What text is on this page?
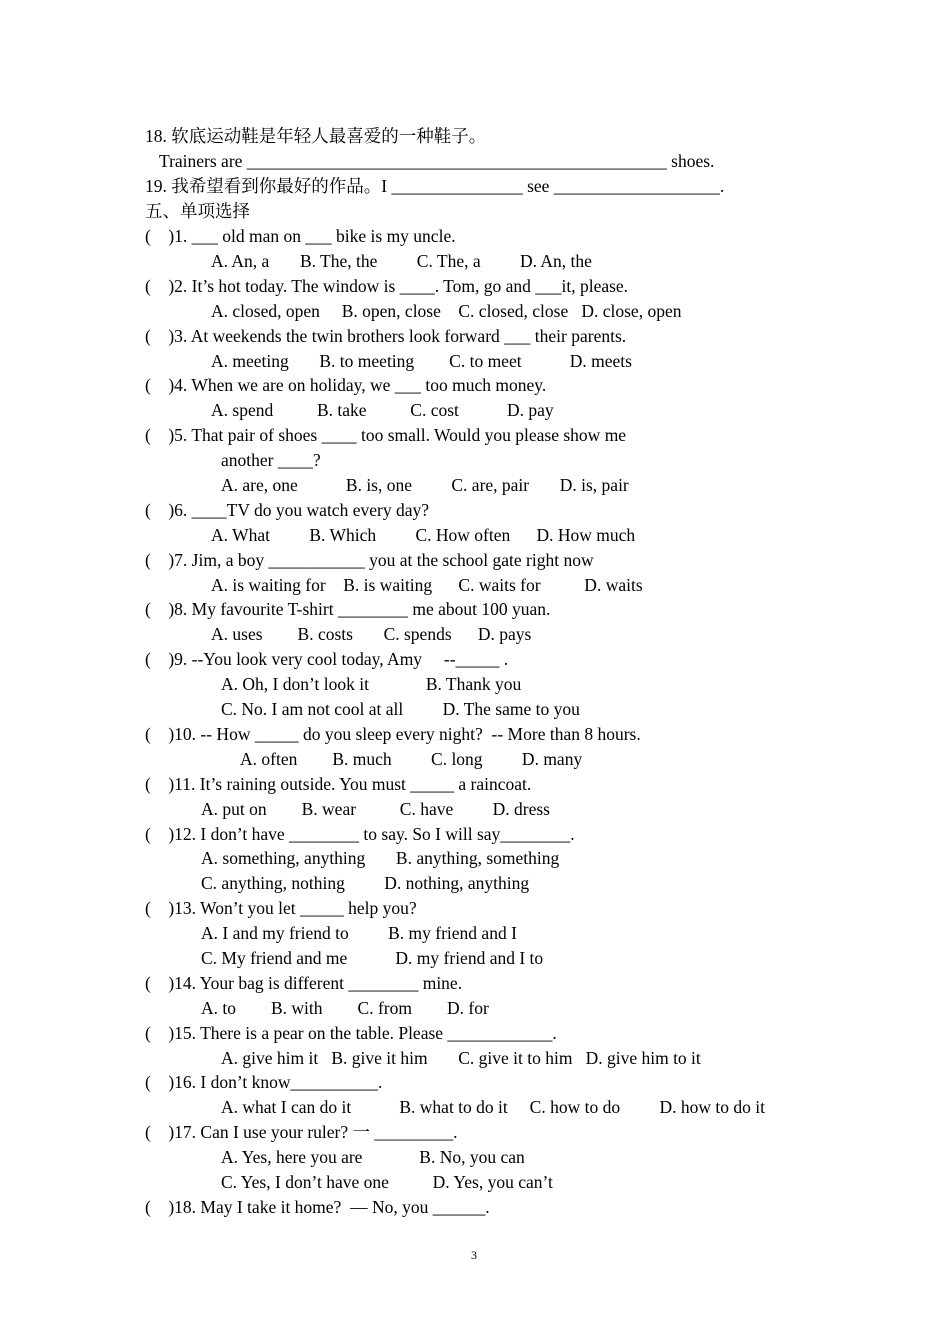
18. 软底运动鞋是年轻人最喜爱的一种鞋子。
Trainers are ________________________________________________ shoes.
19. 我希望看到你最好的作品。I _______________ see ___________________.
五、单项选择
(    )1. ___ old man on ___ bike is my uncle.
A. An, a       B. The, the         C. The, a         D. An, the
(    )2. It’s hot today. The window is ____. Tom, go and ___it, please.
A. closed, open     B. open, close    C. closed, close   D. close, open
(    )3. At weekends the twin brothers look forward ___ their parents.
A. meeting       B. to meeting        C. to meet           D. meets
(    )4. When we are on holiday, we ___ too much money.
A. spend          B. take          C. cost           D. pay
(    )5. That pair of shoes ____ too small. Would you please show me
another ____?
A. are, one           B. is, one         C. are, pair       D. is, pair
(    )6. ____TV do you watch every day?
A. What         B. Which         C. How often      D. How much
(    )7. Jim, a boy ___________ you at the school gate right now
A. is waiting for    B. is waiting      C. waits for          D. waits
(    )8. My favourite T-shirt ________ me about 100 yuan.
A. uses        B. costs       C. spends      D. pays
(    )9. --You look very cool today, Amy     --_____ .
A. Oh, I don’t look it             B. Thank you
C. No. I am not cool at all         D. The same to you
(    )10. -- How _____ do you sleep every night?  -- More than 8 hours.
A. often        B. much         C. long         D. many
(    )11. It’s raining outside. You must _____ a raincoat.
A. put on        B. wear          C. have         D. dress
(    )12. I don’t have ________ to say. So I will say________.
A. something, anything       B. anything, something
C. anything, nothing         D. nothing, anything
(    )13. Won’t you let _____ help you?
A. I and my friend to         B. my friend and I
C. My friend and me           D. my friend and I to
(    )14. Your bag is different ________ mine.
A. to        B. with        C. from        D. for
(    )15. There is a pear on the table. Please ____________.
A. give him it   B. give it him       C. give it to him   D. give him to it
(    )16. I don’t know__________.
A. what I can do it           B. what to do it     C. how to do         D. how to do it
(    )17. Can I use your ruler? 一 _________.
A. Yes, here you are             B. No, you can
C. Yes, I don’t have one          D. Yes, you can’t
(    )18. May I take it home?  — No, you ______.
3
